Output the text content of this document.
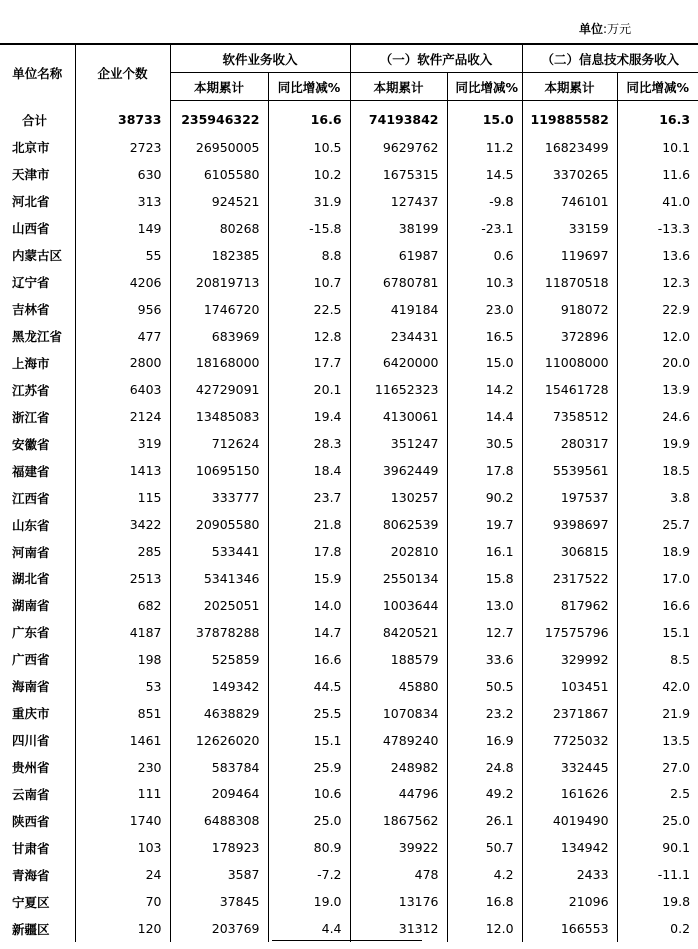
单位:万元
单位名称	企业个数	软件业务收入		（一）软件产品收入		（二）信息技术服务收入	
		本期累计	同比增减%	本期累计	同比增减%	本期累计	同比增减%

合计	38733	235946322	16.6	74193842	15.0	119885582	16.3
北京市	2723	26950005	10.5	9629762	11.2	16823499	10.1
天津市	630	6105580	10.2	1675315	14.5	3370265	11.6
河北省	313	924521	31.9	127437	-9.8	746101	41.0
山西省	149	80268	-15.8	38199	-23.1	33159	-13.3
内蒙古区	55	182385	8.8	61987	0.6	119697	13.6
辽宁省	4206	20819713	10.7	6780781	10.3	11870518	12.3
吉林省	956	1746720	22.5	419184	23.0	918072	22.9
黑龙江省	477	683969	12.8	234431	16.5	372896	12.0
上海市	2800	18168000	17.7	6420000	15.0	11008000	20.0
江苏省	6403	42729091	20.1	11652323	14.2	15461728	13.9
浙江省	2124	13485083	19.4	4130061	14.4	7358512	24.6
安徽省	319	712624	28.3	351247	30.5	280317	19.9
福建省	1413	10695150	18.4	3962449	17.8	5539561	18.5
江西省	115	333777	23.7	130257	90.2	197537	3.8
山东省	3422	20905580	21.8	8062539	19.7	9398697	25.7
河南省	285	533441	17.8	202810	16.1	306815	18.9
湖北省	2513	5341346	15.9	2550134	15.8	2317522	17.0
湖南省	682	2025051	14.0	1003644	13.0	817962	16.6
广东省	4187	37878288	14.7	8420521	12.7	17575796	15.1
广西省	198	525859	16.6	188579	33.6	329992	8.5
海南省	53	149342	44.5	45880	50.5	103451	42.0
重庆市	851	4638829	25.5	1070834	23.2	2371867	21.9
四川省	1461	12626020	15.1	4789240	16.9	7725032	13.5
贵州省	230	583784	25.9	248982	24.8	332445	27.0
云南省	111	209464	10.6	44796	49.2	161626	2.5
陕西省	1740	6488308	25.0	1867562	26.1	4019490	25.0
甘肃省	103	178923	80.9	39922	50.7	134942	90.1
青海省	24	3587	-7.2	478	4.2	2433	-11.1
宁夏区	70	37845	19.0	13176	16.8	21096	19.8
新疆区	120	203769	4.4	31312	12.0	166553	0.2
